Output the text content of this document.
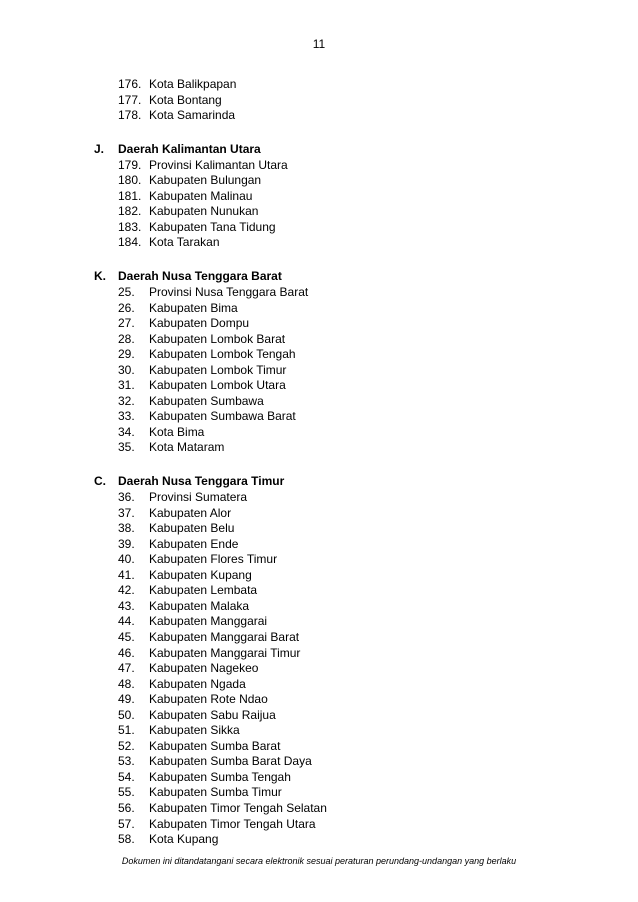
11
176. Kota Balikpapan
177. Kota Bontang
178. Kota Samarinda
J. Daerah Kalimantan Utara
179. Provinsi Kalimantan Utara
180. Kabupaten Bulungan
181. Kabupaten Malinau
182. Kabupaten Nunukan
183. Kabupaten Tana Tidung
184. Kota Tarakan
K. Daerah Nusa Tenggara Barat
25. Provinsi Nusa Tenggara Barat
26. Kabupaten Bima
27. Kabupaten Dompu
28. Kabupaten Lombok Barat
29. Kabupaten Lombok Tengah
30. Kabupaten Lombok Timur
31. Kabupaten Lombok Utara
32. Kabupaten Sumbawa
33. Kabupaten Sumbawa Barat
34. Kota Bima
35. Kota Mataram
C. Daerah Nusa Tenggara Timur
36. Provinsi Sumatera
37. Kabupaten Alor
38. Kabupaten Belu
39. Kabupaten Ende
40. Kabupaten Flores Timur
41. Kabupaten Kupang
42. Kabupaten Lembata
43. Kabupaten Malaka
44. Kabupaten Manggarai
45. Kabupaten Manggarai Barat
46. Kabupaten Manggarai Timur
47. Kabupaten Nagekeo
48. Kabupaten Ngada
49. Kabupaten Rote Ndao
50. Kabupaten Sabu Raijua
51. Kabupaten Sikka
52. Kabupaten Sumba Barat
53. Kabupaten Sumba Barat Daya
54. Kabupaten Sumba Tengah
55. Kabupaten Sumba Timur
56. Kabupaten Timor Tengah Selatan
57. Kabupaten Timor Tengah Utara
58. Kota Kupang
Dokumen ini ditandatangani secara elektronik sesuai peraturan perundang-undangan yang berlaku
